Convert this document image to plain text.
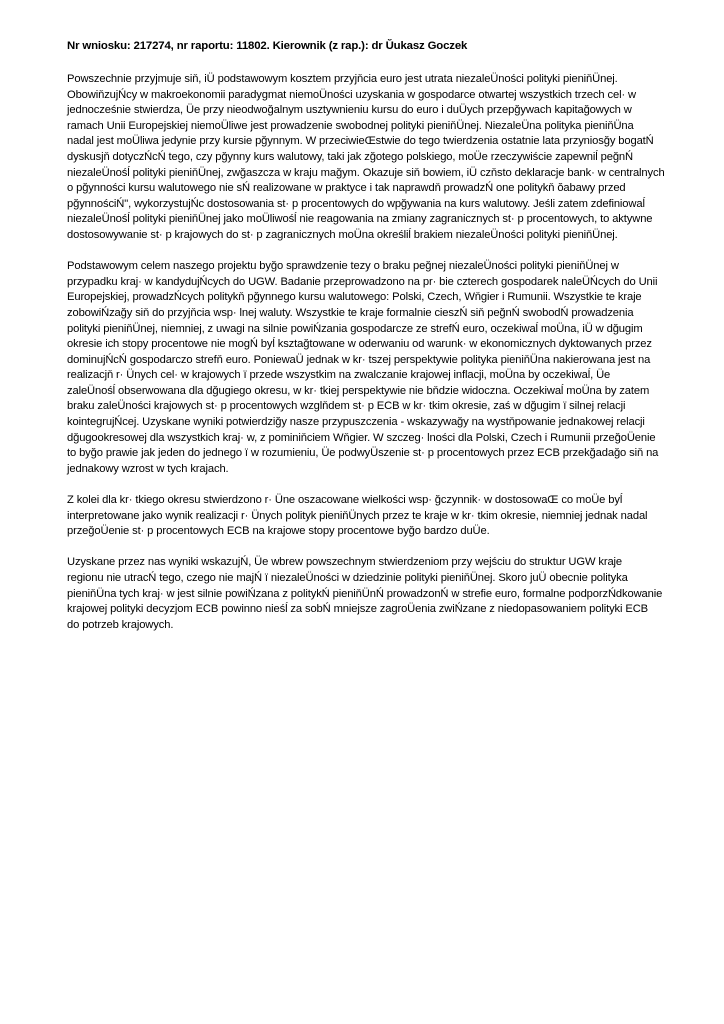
Nr wniosku: 217274, nr raportu: 11802. Kierownik (z rap.): dr Ŭukasz Goczek
Powszechnie przyjmuje siň, iÜ podstawowym kosztem przyjňcia euro jest utrata niezaleÜności polityki pieniňÜnej.
ObowiňzujŃcy w makroekonomii paradygmat niemoÜności uzyskania w gospodarce otwartej wszystkich trzech cel· w
jednocześnie stwierdza, Üe przy nieodwoğalnym usztywnieniu kursu do euro i duÜych przepğywach kapitağowych w
ramach Unii Europejskiej niemoÜliwe jest prowadzenie swobodnej polityki pieniňÜnej. NiezaleÜna polityka pieniňÜna
nadal jest moÜliwa jedynie przy kursie pğynnym. W przeciwieŒstwie do tego twierdzenia ostatnie lata przyniosğy bogatŃ
dyskusjň dotyczŃcŃ tego, czy pğynny kurs walutowy, taki jak zğotego polskiego, moÜe rzeczywiście zapewniĺ peğnŃ
niezaleÜnośĺ polityki pieniňÜnej, zwğaszcza w kraju mağym. Okazuje siň bowiem, iÜ czňsto deklaracje bank· w centralnych
o pğynności kursu walutowego nie sŃ realizowane w praktyce i tak naprawdň prowadzŃ one politykň ŏabawy przed
pğynnościŃ", wykorzystujŃc dostosowania st· p procentowych do wpğywania na kurs walutowy. Jeśli zatem zdefiniowaĺ
niezaleÜnośĺ polityki pieniňÜnej jako moÜliwośĺ nie reagowania na zmiany zagranicznych st· p procentowych, to aktywne
dostosowywanie st· p krajowych do st· p zagranicznych moÜna określiĺ brakiem niezaleÜności polityki pieniňÜnej.
Podstawowym celem naszego projektu byğo sprawdzenie tezy o braku peğnej niezaleÜności polityki pieniňÜnej w
przypadku kraj· w kandydujŃcych do UGW. Badanie przeprowadzono na pr· bie czterech gospodarek naleÜŃcych do Unii
Europejskiej, prowadzŃcych politykň pğynnego kursu walutowego: Polski, Czech, Wňgier i Rumunii. Wszystkie te kraje
zobowiŃzağy siň do przyjňcia wsp· lnej waluty. Wszystkie te kraje formalnie cieszŃ siň peğnŃ swobodŃ prowadzenia
polityki pieniňÜnej, niemniej, z uwagi na silnie powiŃzania gospodarcze ze strefŃ euro, oczekiwaĺ moÜna, iÜ w dğugim
okresie ich stopy procentowe nie mogŃ byĺ ksztağtowane w oderwaniu od warunk· w ekonomicznych dyktowanych przez
dominujŃcŃ gospodarczo strefň euro. PoniewaÜ jednak w kr· tszej perspektywie polityka pieniňÜna nakierowana jest na
realizacjň r· Ünych cel· w krajowych ï przede wszystkim na zwalczanie krajowej inflacji, moÜna by oczekiwaĺ, Üe
zaleÜnośĺ obserwowana dla dğugiego okresu, w kr· tkiej perspektywie nie bňdzie widoczna. Oczekiwaĺ moÜna by zatem
braku zaleÜności krajowych st· p procentowych wzglňdem st· p ECB w kr· tkim okresie, zaś w dğugim ï silnej relacji
kointegrujŃcej. Uzyskane wyniki potwierdziğy nasze przypuszczenia - wskazywağy na wystňpowanie jednakowej relacji
dğugookresowej dla wszystkich kraj· w, z pominiňciem Wňgier. W szczeg· lności dla Polski, Czech i Rumunii przeğoÜenie
to byğo prawie jak jeden do jednego ï w rozumieniu, Üe podwyÜszenie st· p procentowych przez ECB przekğadağo siň na
jednakowy wzrost w tych krajach.
Z kolei dla kr· tkiego okresu stwierdzono r· Üne oszacowane wielkości wsp· ğczynnik· w dostosowaŒ co moÜe byĺ
interpretowane jako wynik realizacji r· Ünych polityk pieniňÜnych przez te kraje w kr· tkim okresie, niemniej jednak nadal
przeğoÜenie st· p procentowych ECB na krajowe stopy procentowe byğo bardzo duÜe.
Uzyskane przez nas wyniki wskazujŃ, Üe wbrew powszechnym stwierdzeniom przy wejściu do struktur UGW kraje
regionu nie utracŃ tego, czego nie majŃ ï niezaleÜności w dziedzinie polityki pieniňÜnej. Skoro juÜ obecnie polityka
pieniňÜna tych kraj· w jest silnie powiŃzana z politykŃ pieniňÜnŃ prowadzonŃ w strefie euro, formalne podporzŃdkowanie
krajowej polityki decyzjom ECB powinno nieśĺ za sobŃ mniejsze zagroÜenia zwiŃzane z niedopasowaniem polityki ECB
do potrzeb krajowych.
